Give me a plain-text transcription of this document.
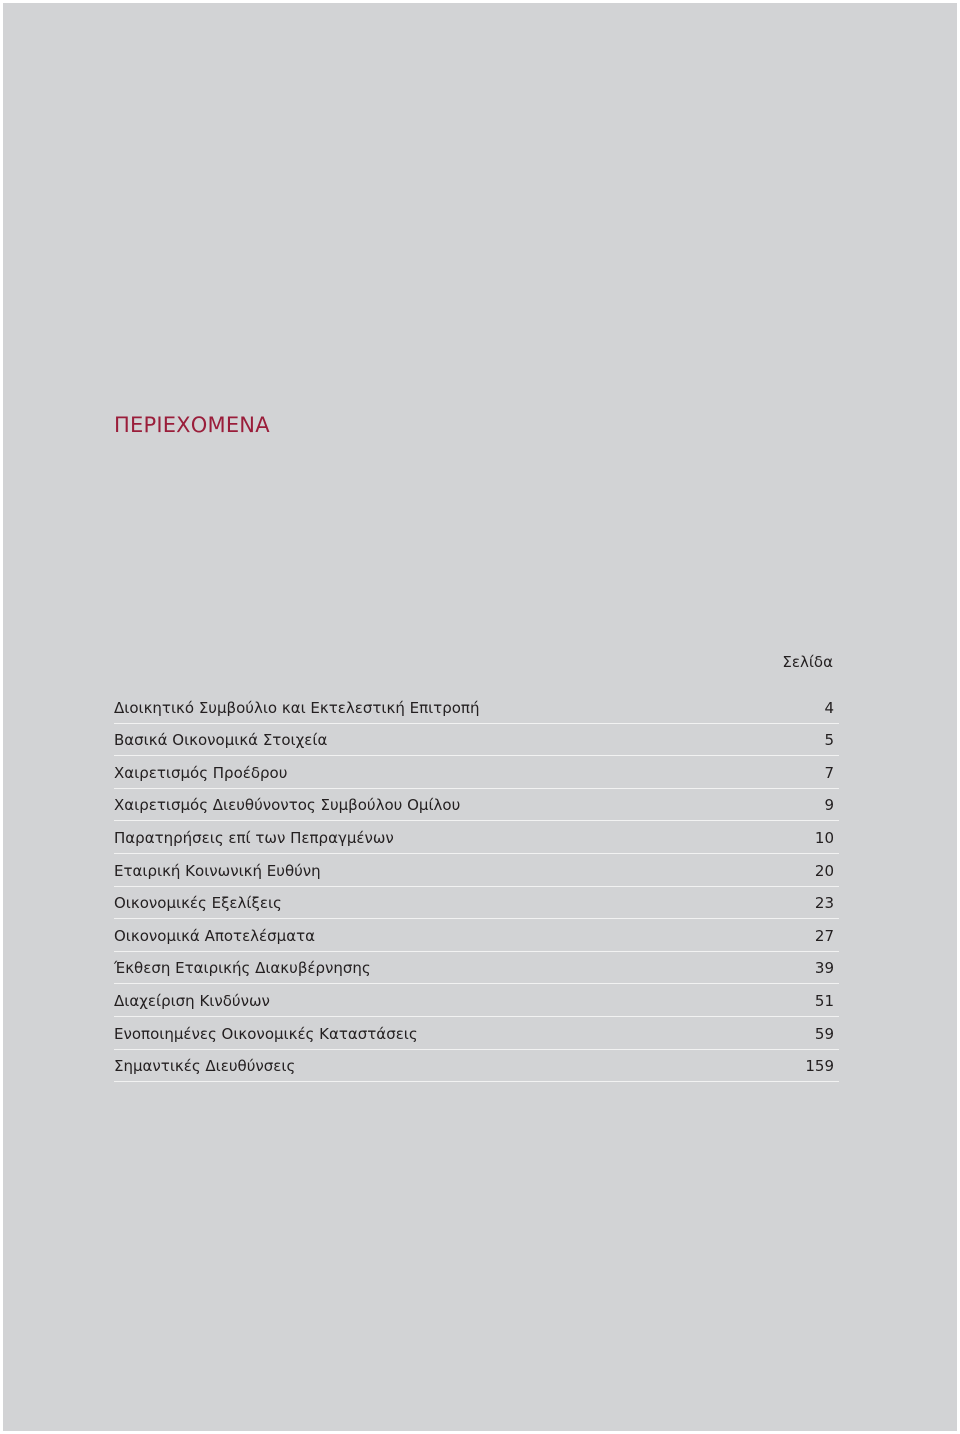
ΠΕΡΙΕΧΟΜΕΝΑ
Σελίδα
Διοικητικό Συμβούλιο και Εκτελεστική Επιτροπή	4
Βασικά Οικονομικά Στοιχεία	5
Χαιρετισμός Προέδρου	7
Χαιρετισμός Διευθύνοντος Συμβούλου Ομίλου	9
Παρατηρήσεις επί των Πεπραγμένων	10
Εταιρική Κοινωνική Ευθύνη	20
Οικονομικές Εξελίξεις	23
Οικονομικά Αποτελέσματα	27
Έκθεση Εταιρικής Διακυβέρνησης	39
Διαχείριση Κινδύνων	51
Ενοποιημένες Οικονομικές Καταστάσεις	59
Σημαντικές Διευθύνσεις	159
